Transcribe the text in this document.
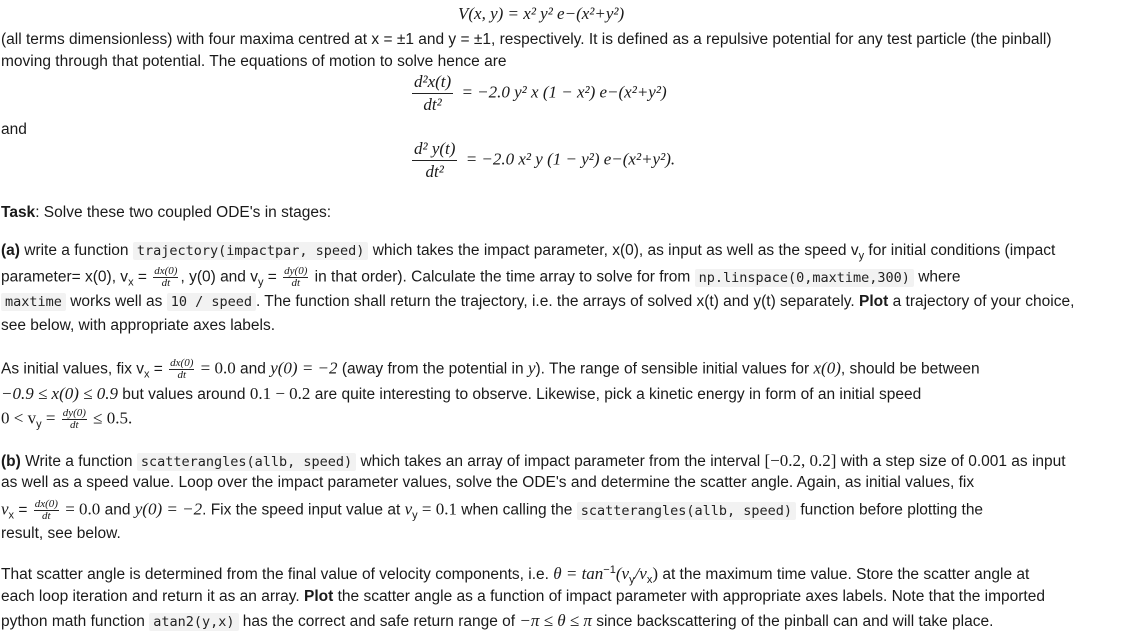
V(x, y) = x² y² e−(x²+y²)
(all terms dimensionless) with four maxima centred at x = ±1 and y = ±1, respectively. It is defined as a repulsive potential for any test particle (the pinball)
moving through that potential. The equations of motion to solve hence are
$\frac{\text{d²x(t)}}{\text{dt²}} = -2.0$ y² x (1 − x²) e−(x²+y²)
and
$\frac{\text{d² y(t)}}{\text{dt²}} = -2.0$ x² y (1 − y²) e−(x²+y²).
Task: Solve these two coupled ODE's in stages:
(a) write a function trajectory(impactpar, speed) which takes the impact parameter, x(0), as input as well as the speed $v_y$ for initial conditions (impact
parameter= x(0), $v_x = \frac{dx(0)}{dt}$ , y(0) and $v_y = \frac{dy(0)}{dt}$ in that order). Calculate the time array to solve for from np.linspace(0,maxtime,300) where
maxtime works well as 10 / speed . The function shall return the trajectory, i.e. the arrays of solved x(t) and y(t) separately. Plot a trajectory of your choice,
see below, with appropriate axes labels.
As initial values, fix $v_x = \frac{dx(0)}{dt} = 0.0$ and y(0) = −2 (away from the potential in y). The range of sensible initial values for x(0), should be between
−0.9 ≤ x(0) ≤ 0.9 but values around 0.1 − 0.2 are quite interesting to observe. Likewise, pick a kinetic energy in form of an initial speed
$0 < v_y = \frac{dy(0)}{dt} \le 0.5$.
(b) Write a function scatterangles(allb, speed) which takes an array of impact parameter from the interval [−0.2, 0.2] with a step size of 0.001 as input
as well as a speed value. Loop over the impact parameter values, solve the ODE's and determine the scatter angle. Again, as initial values, fix
$v_x = \frac{dx(0)}{dt} = 0.0$ and y(0) = −2. Fix the speed input value at $v_y = 0.1$ when calling the scatterangles(allb, speed) function before plotting the
result, see below.
That scatter angle is determined from the final value of velocity components, i.e. $\theta = \tan^{-1}(v_y/v_x)$ at the maximum time value. Store the scatter angle at
each loop iteration and return it as an array. Plot the scatter angle as a function of impact parameter with appropriate axes labels. Note that the imported
python math function atan2(y,x) has the correct and safe return range of −π ≤ θ ≤ π since backscattering of the pinball can and will take place.
